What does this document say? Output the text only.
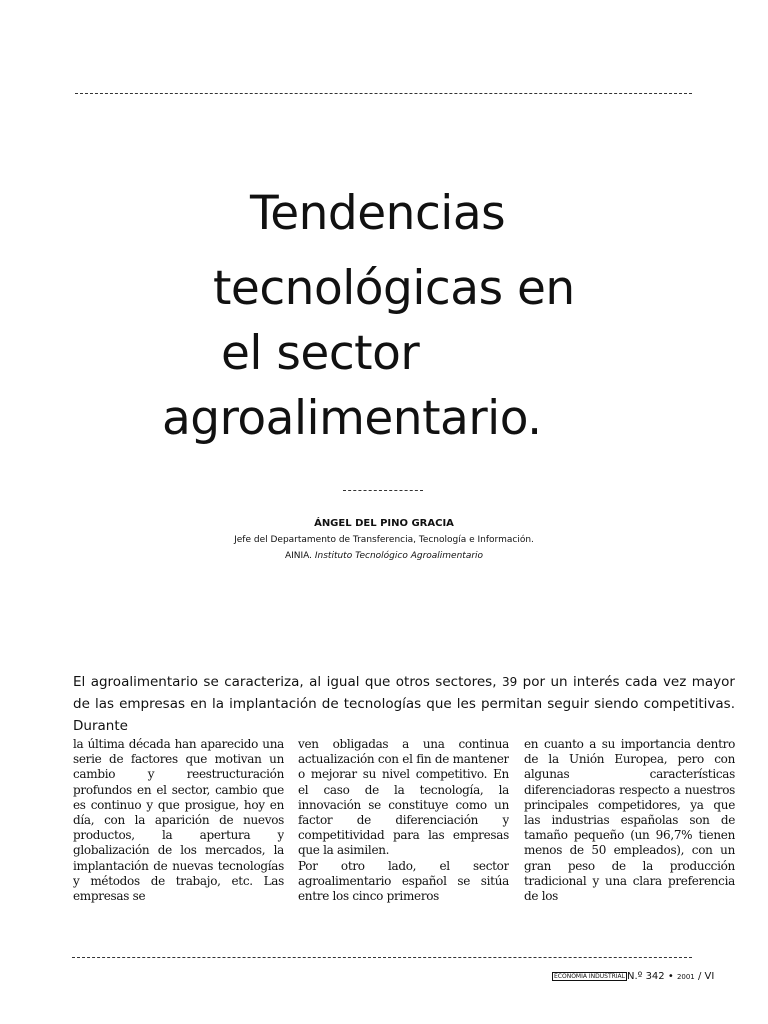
Tendencias
tecnológicas en
el sector
agroalimentario.
ÁNGEL DEL PINO GRACIA
Jefe del Departamento de Transferencia, Tecnología e Información.
AINIA. Instituto Tecnológico Agroalimentario
El agroalimentario se caracteriza, al igual que otros sectores, 39 por un interés cada vez mayor de las empresas en la implantación de tecnologías que les permitan seguir siendo competitivas. Durante

la última década han aparecido una serie de factores que motivan un cambio y reestructuración profundos en el sector, cambio que es continuo y que prosigue, hoy en día, con la aparición de nuevos productos, la apertura y globalización de los mercados, la implantación de nuevas tecnologías y métodos de trabajo, etc. Las empresas se

ven obligadas a una continua actualización con el fin de mantener o mejorar su nivel competitivo. En el caso de la tecnología, la innovación se constituye como un factor de diferenciación y competitividad para las empresas que la asimilen.

Por otro lado, el sector agroalimentario español se sitúa entre los cinco primeros

en cuanto a su importancia dentro de la Unión Europea, pero con algunas características diferenciadoras respecto a nuestros principales competidores, ya que las industrias españolas son de tamaño pequeño (un 96,7% tienen menos de 50 empleados), con un gran peso de la producción tradicional y una clara preferencia de los

ECONOMÍA INDUSTRIAL N.º 342 • 2001 / VI
